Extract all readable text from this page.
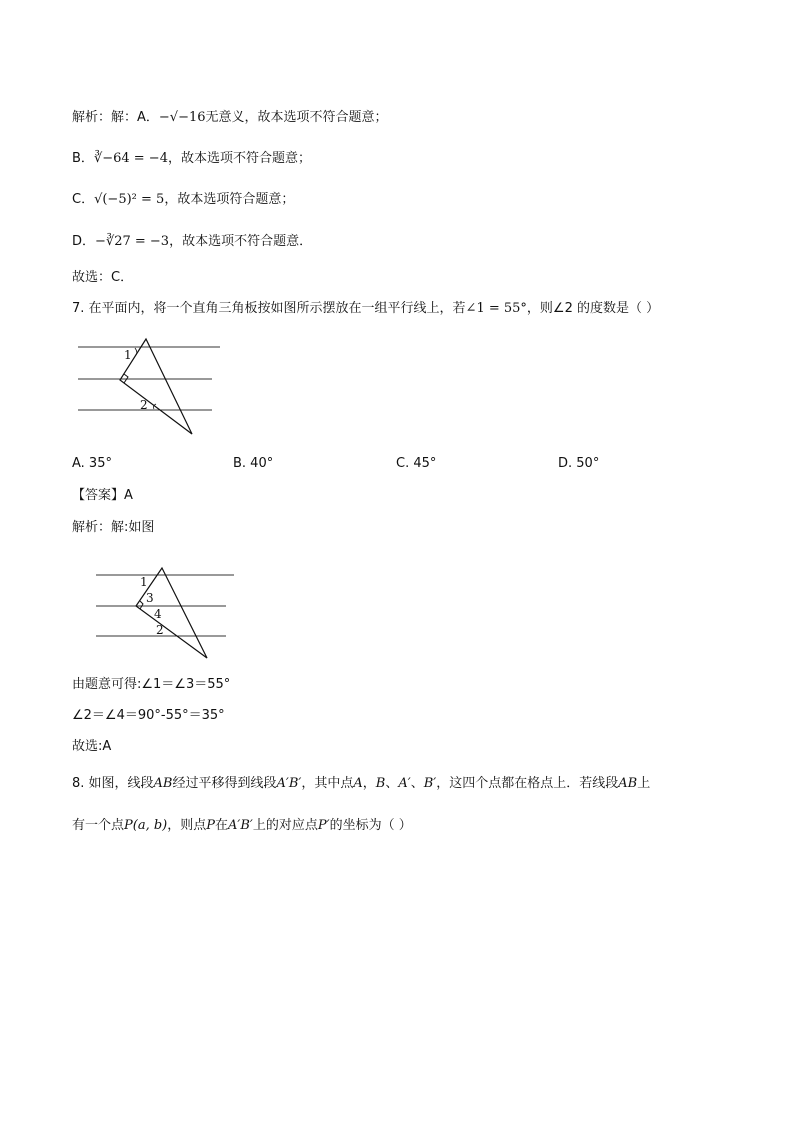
解析：解：A．−√−16无意义，故本选项不符合题意；
B．∛−64 = −4，故本选项不符合题意；
C．√(−5)² = 5，故本选项符合题意；
D．−∛27 = −3，故本选项不符合题意．
故选：C．
7. 在平面内，将一个直角三角板按如图所示摆放在一组平行线上，若∠1 = 55°，则∠2 的度数是（ ）
1
2
A. 35°	B. 40°	C. 45°	D. 50°
【答案】A
解析：解:如图
1
3
4
2
由题意可得:∠1＝∠3＝55°
∠2＝∠4＝90°-55°＝35°
故选:A
8. 如图，线段AB经过平移得到线段A′B′，其中点A，B、A′、B′，这四个点都在格点上．若线段AB上
有一个点P(a, b)，则点P在A′B′上的对应点P′的坐标为（ ）
